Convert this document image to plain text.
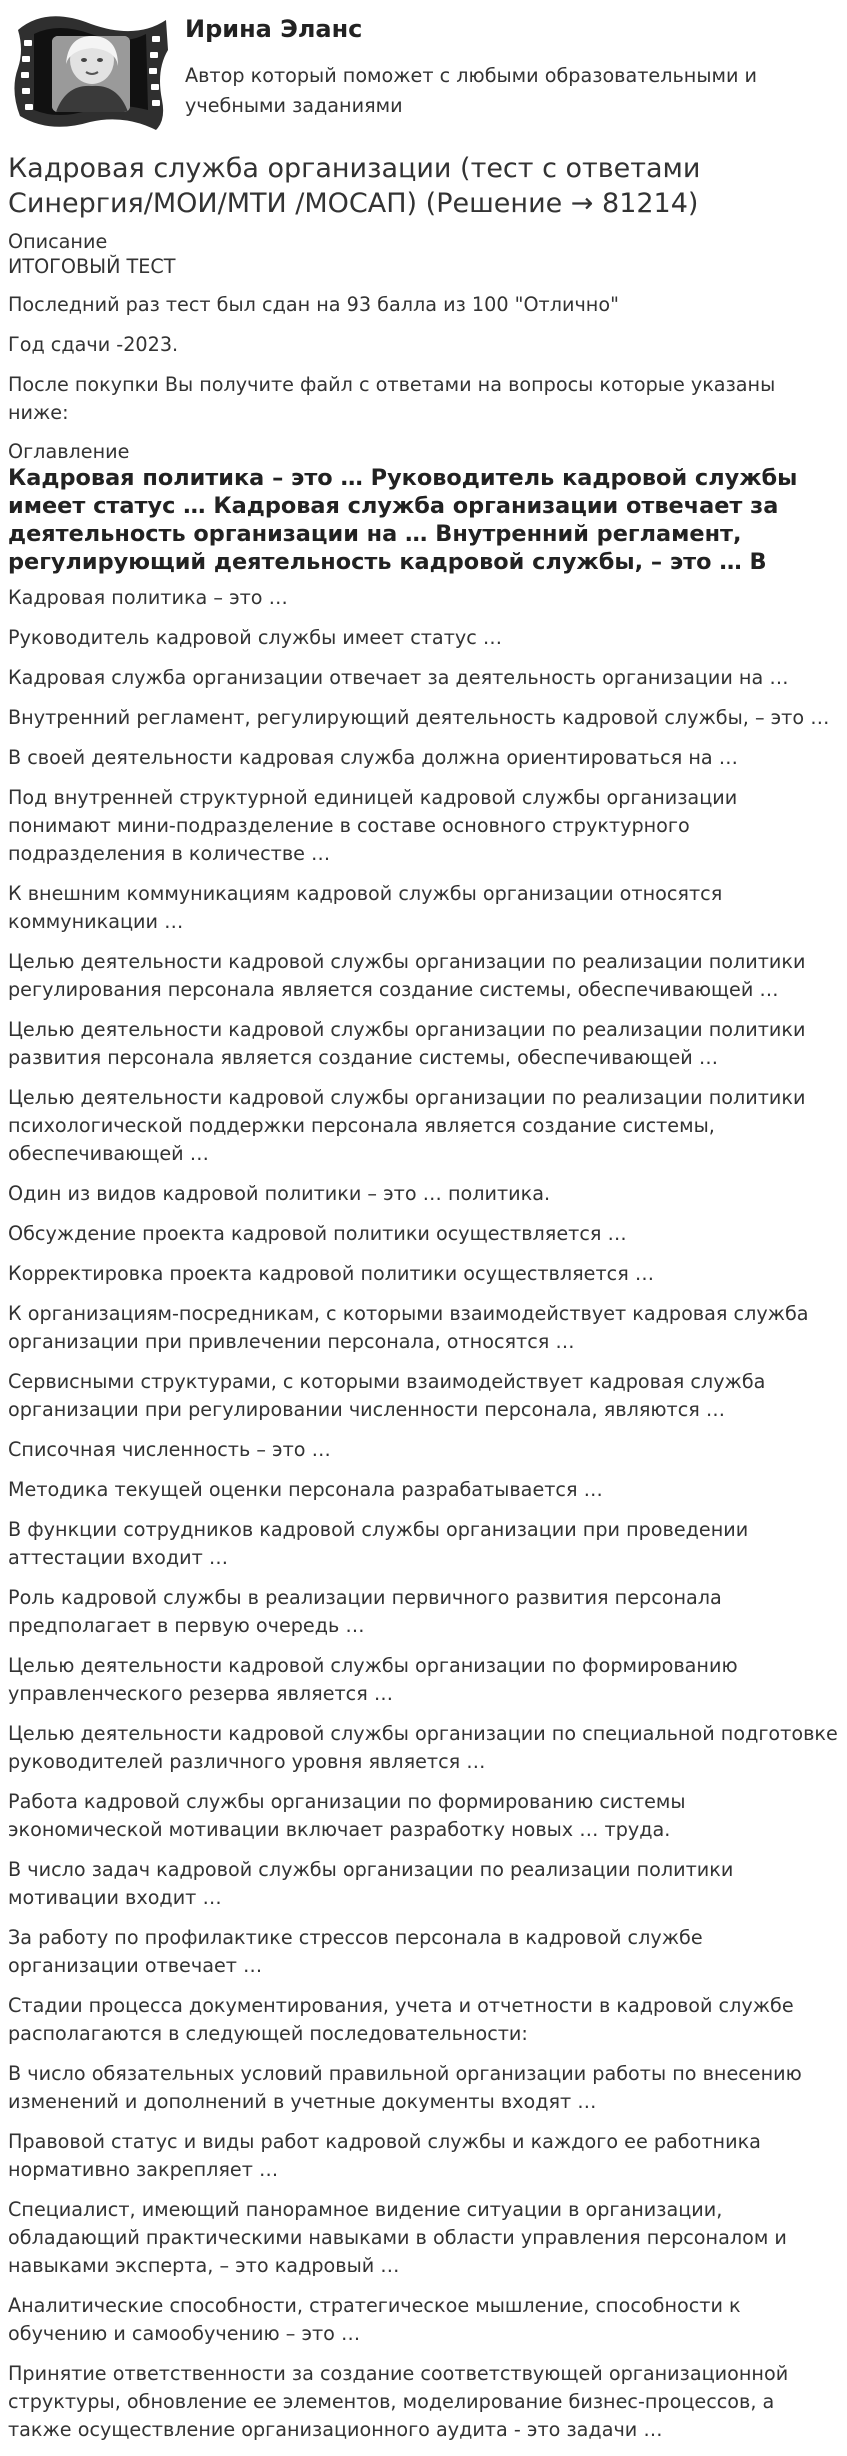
Ирина Эланс
Автор который поможет с любыми образовательными и учебными заданиями
Кадровая служба организации (тест с ответами Синергия/МОИ/МТИ /МОСАП) (Решение → 81214)
Описание
ИТОГОВЫЙ ТЕСТ

Последний раз тест был сдан на 93 балла из 100 "Отлично"

Год сдачи -2023.

После покупки Вы получите файл с ответами на вопросы которые указаны ниже:

Оглавление
Кадровая политика – это … Руководитель кадровой службы имеет статус … Кадровая служба организации отвечает за деятельность организации на … Внутренний регламент, регулирующий деятельность кадровой службы, – это … В

Кадровая политика – это …

Руководитель кадровой службы имеет статус …

Кадровая служба организации отвечает за деятельность организации на …

Внутренний регламент, регулирующий деятельность кадровой службы, – это …

В своей деятельности кадровая служба должна ориентироваться на …

Под внутренней структурной единицей кадровой службы организации понимают мини-подразделение в составе основного структурного подразделения в количестве …

К внешним коммуникациям кадровой службы организации относятся коммуникации …

Целью деятельности кадровой службы организации по реализации политики регулирования персонала является создание системы, обеспечивающей …

Целью деятельности кадровой службы организации по реализации политики развития персонала является создание системы, обеспечивающей …

Целью деятельности кадровой службы организации по реализации политики психологической поддержки персонала является создание системы, обеспечивающей …

Один из видов кадровой политики – это … политика.

Обсуждение проекта кадровой политики осуществляется …

Корректировка проекта кадровой политики осуществляется …

К организациям-посредникам, с которыми взаимодействует кадровая служба организации при привлечении персонала, относятся …

Сервисными структурами, с которыми взаимодействует кадровая служба организации при регулировании численности персонала, являются …

Списочная численность – это …

Методика текущей оценки персонала разрабатывается …

В функции сотрудников кадровой службы организации при проведении аттестации входит …

Роль кадровой службы в реализации первичного развития персонала предполагает в первую очередь …

Целью деятельности кадровой службы организации по формированию управленческого резерва является …

Целью деятельности кадровой службы организации по специальной подготовке руководителей различного уровня является …

Работа кадровой службы организации по формированию системы экономической мотивации включает разработку новых … труда.

В число задач кадровой службы организации по реализации политики мотивации входит …

За работу по профилактике стрессов персонала в кадровой службе организации отвечает …

Стадии процесса документирования, учета и отчетности в кадровой службе располагаются в следующей последовательности:

В число обязательных условий правильной организации работы по внесению изменений и дополнений в учетные документы входят …

Правовой статус и виды работ кадровой службы и каждого ее работника нормативно закрепляет …

Специалист, имеющий панорамное видение ситуации в организации, обладающий практическими навыками в области управления персоналом и навыками эксперта, – это кадровый …

Аналитические способности, стратегическое мышление, способности к обучению и самообучению – это …

Принятие ответственности за создание соответствующей организационной структуры, обновление ее элементов, моделирование бизнес-процессов, а также осуществление организационного аудита - это задачи …
